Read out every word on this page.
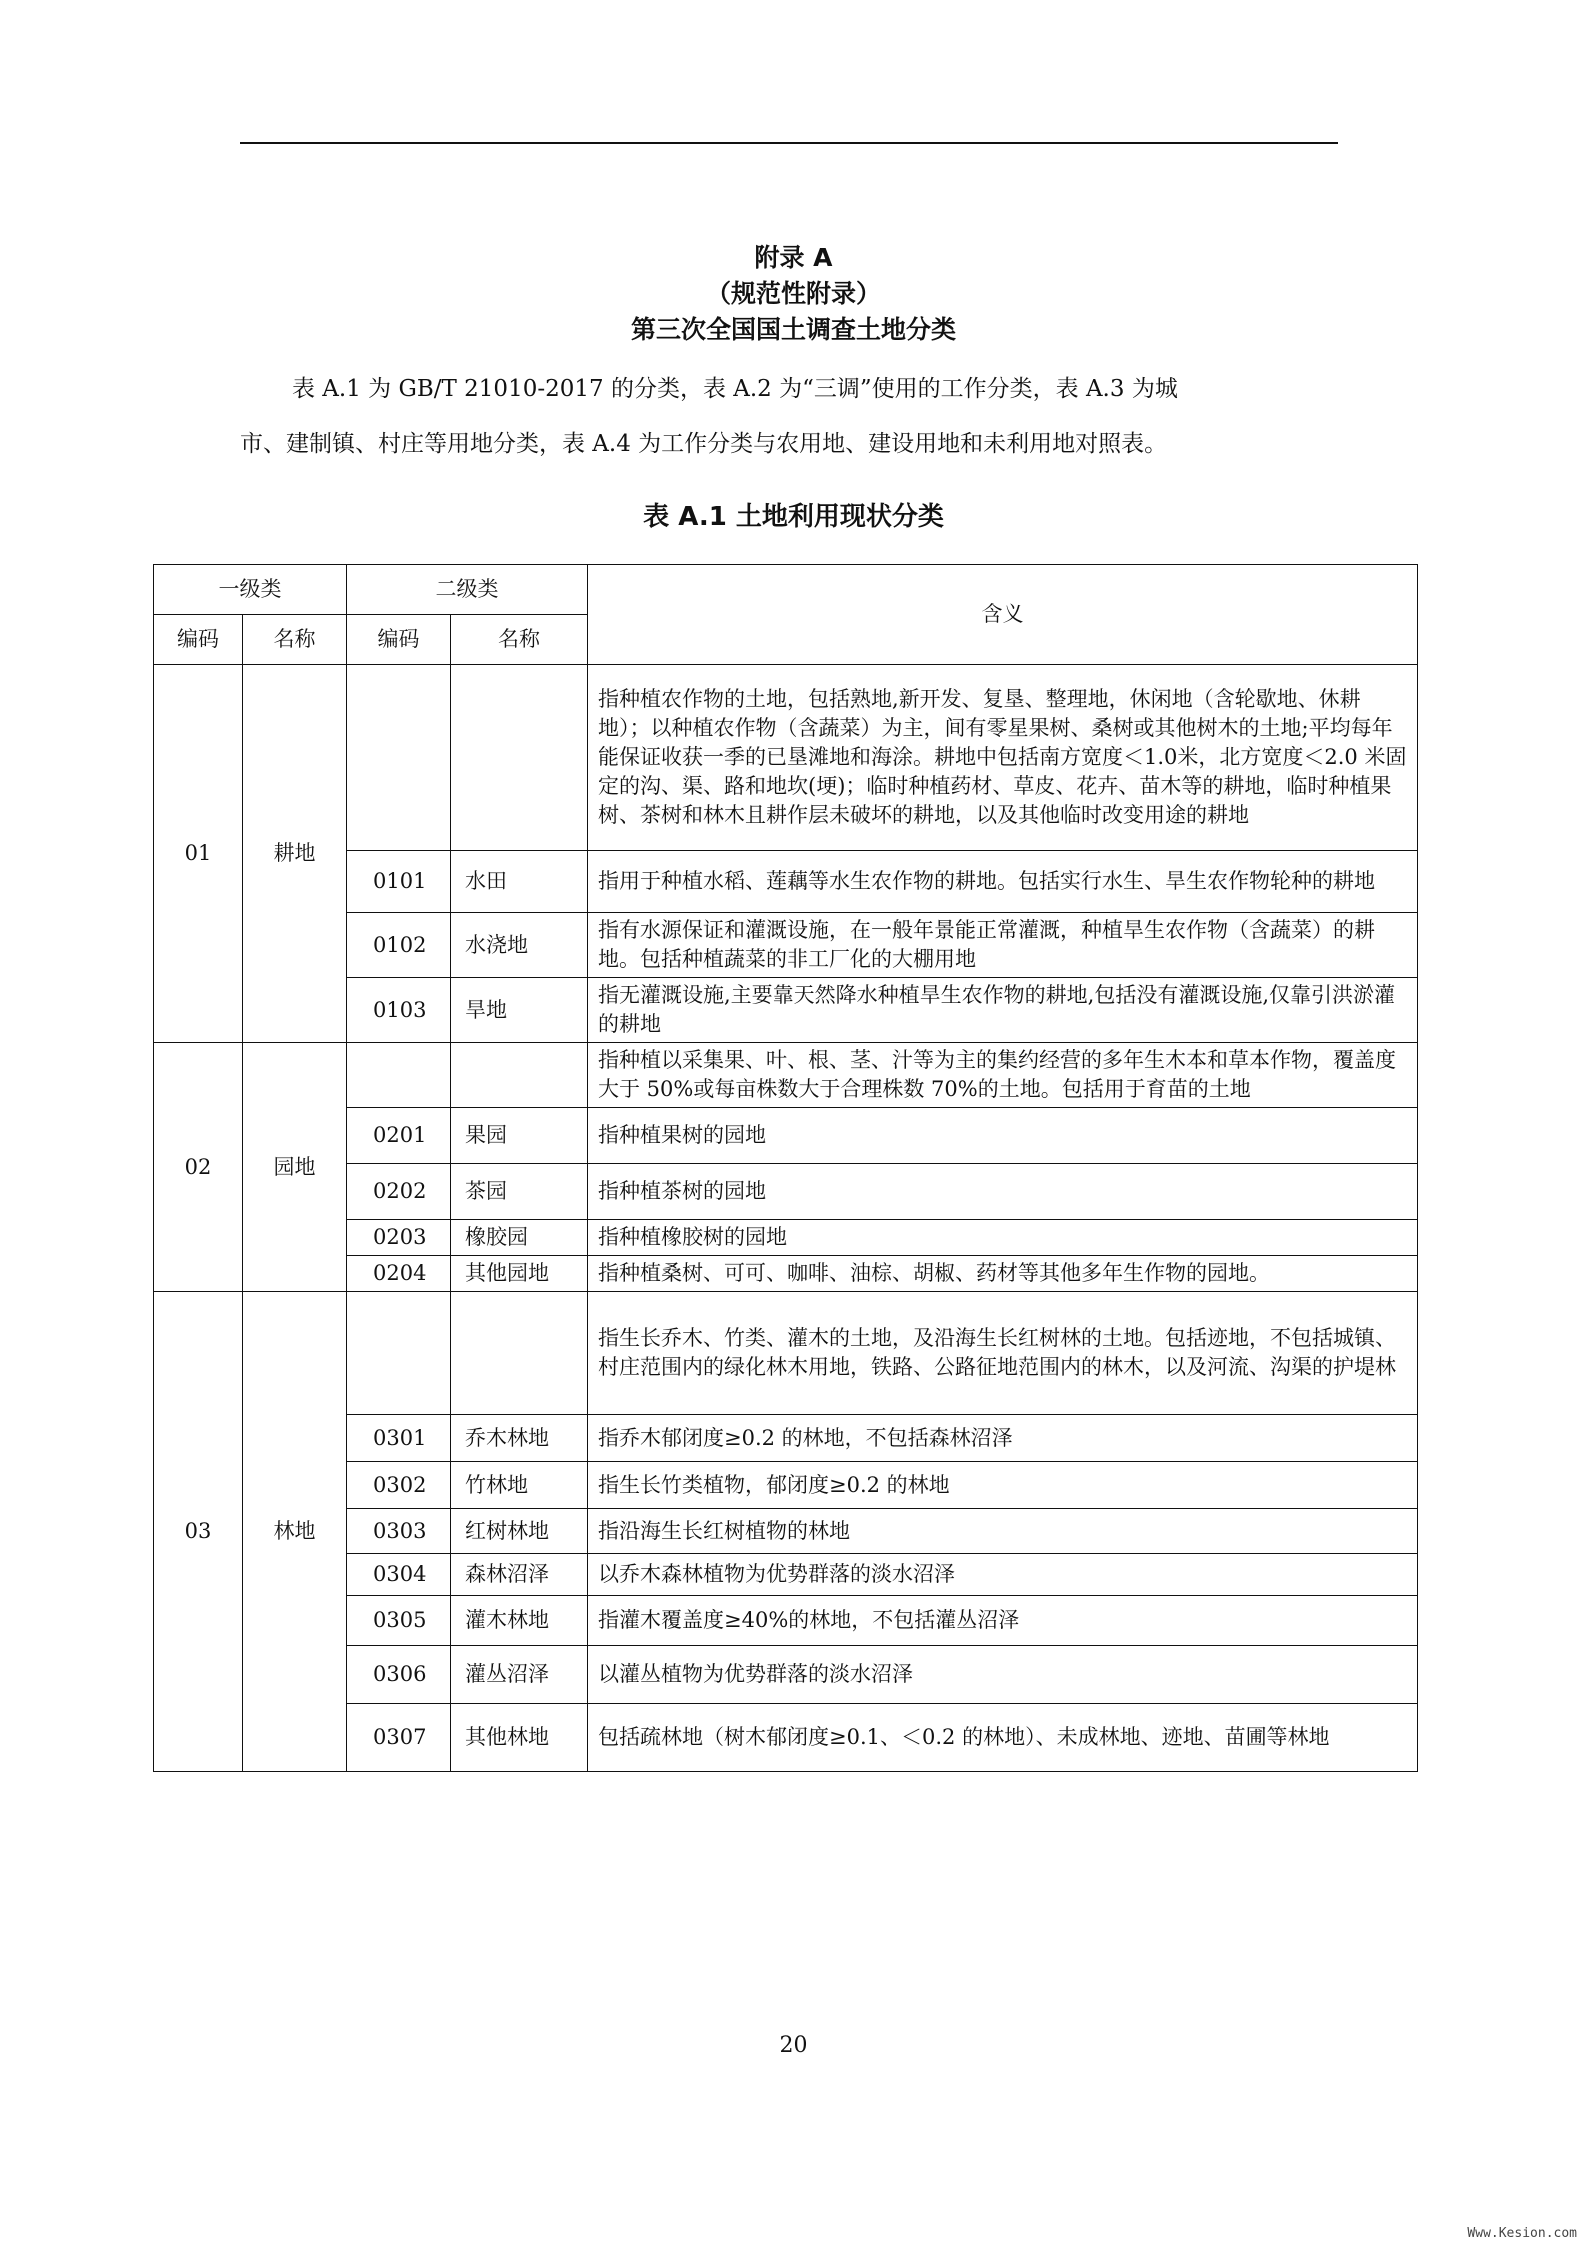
附录 A
（规范性附录）
第三次全国国土调查土地分类
表 A.1 为 GB/T 21010-2017 的分类，表 A.2 为“三调”使用的工作分类，表 A.3 为城
市、建制镇、村庄等用地分类，表 A.4 为工作分类与农用地、建设用地和未利用地对照表。
表 A.1 土地利用现状分类
一级类		二级类		含义
编码	名称	编码	名称	
01	耕地			指种植农作物的土地，包括熟地,新开发、复垦、整理地，休闲地（含轮歇地、休耕地）；以种植农作物（含蔬菜）为主，间有零星果树、桑树或其他树木的土地;平均每年能保证收获一季的已垦滩地和海涂。耕地中包括南方宽度＜1.0米，北方宽度＜2.0 米固定的沟、渠、路和地坎(埂)；临时种植药材、草皮、花卉、苗木等的耕地，临时种植果树、茶树和林木且耕作层未破坏的耕地，以及其他临时改变用途的耕地
		0101	水田	指用于种植水稻、莲藕等水生农作物的耕地。包括实行水生、旱生农作物轮种的耕地
		0102	水浇地	指有水源保证和灌溉设施，在一般年景能正常灌溉，种植旱生农作物（含蔬菜）的耕地。包括种植蔬菜的非工厂化的大棚用地
		0103	旱地	指无灌溉设施,主要靠天然降水种植旱生农作物的耕地,包括没有灌溉设施,仅靠引洪淤灌的耕地
02	园地			指种植以采集果、叶、根、茎、汁等为主的集约经营的多年生木本和草本作物，覆盖度大于 50%或每亩株数大于合理株数 70%的土地。包括用于育苗的土地
		0201	果园	指种植果树的园地
		0202	茶园	指种植茶树的园地
		0203	橡胶园	指种植橡胶树的园地
		0204	其他园地	指种植桑树、可可、咖啡、油棕、胡椒、药材等其他多年生作物的园地。
03	林地			指生长乔木、竹类、灌木的土地，及沿海生长红树林的土地。包括迹地，不包括城镇、村庄范围内的绿化林木用地，铁路、公路征地范围内的林木，以及河流、沟渠的护堤林
		0301	乔木林地	指乔木郁闭度≥0.2 的林地，不包括森林沼泽
		0302	竹林地	指生长竹类植物，郁闭度≥0.2 的林地
		0303	红树林地	指沿海生长红树植物的林地
		0304	森林沼泽	以乔木森林植物为优势群落的淡水沼泽
		0305	灌木林地	指灌木覆盖度≥40%的林地，不包括灌丛沼泽
		0306	灌丛沼泽	以灌丛植物为优势群落的淡水沼泽
		0307	其他林地	包括疏林地（树木郁闭度≥0.1、＜0.2 的林地）、未成林地、迹地、苗圃等林地
20
Www.Kesion.com
